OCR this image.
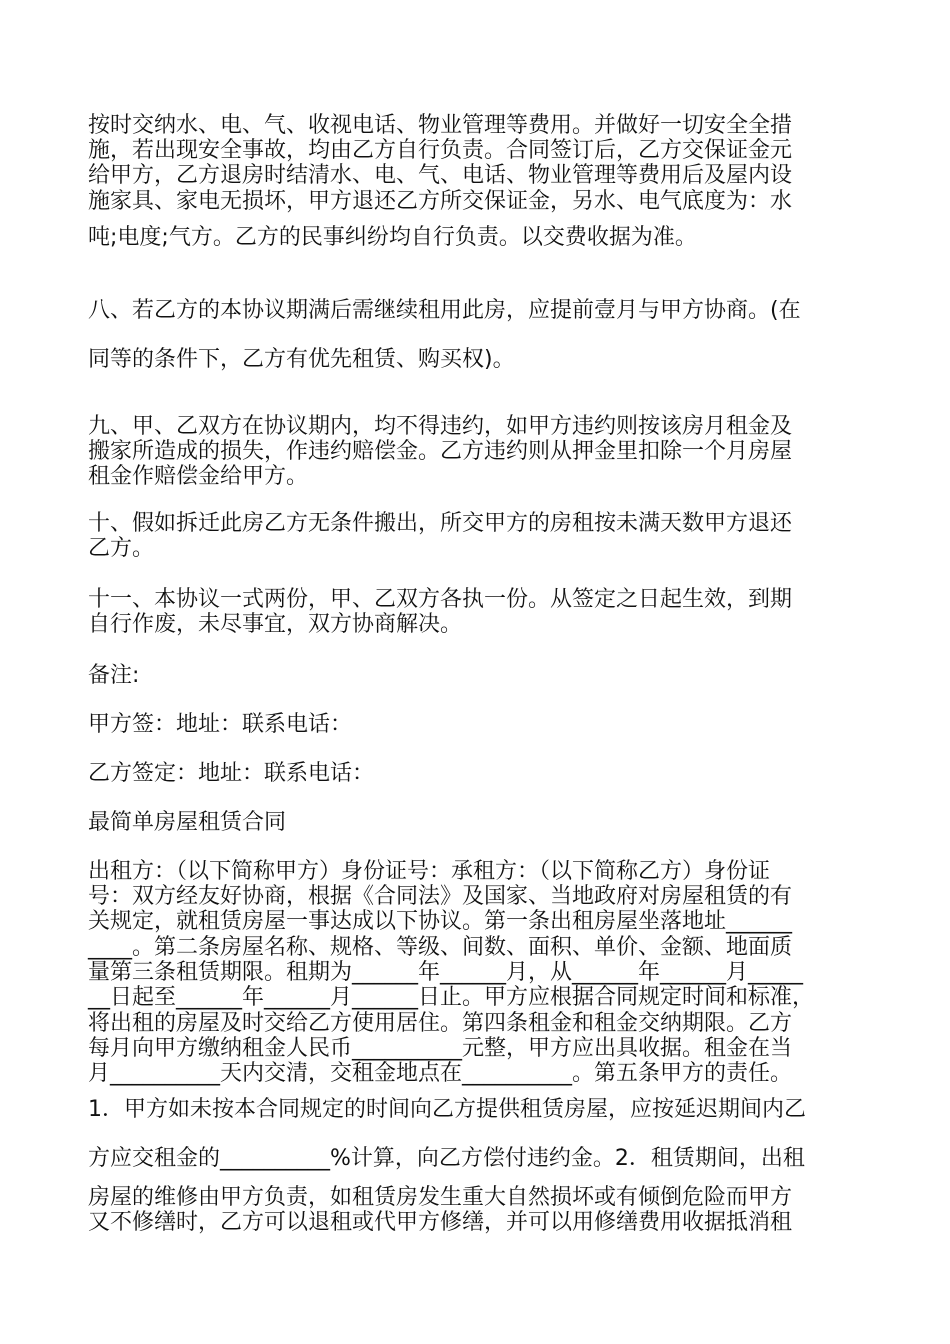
按时交纳水、电、气、收视电话、物业管理等费用。并做好一切安全全措
施，若出现安全事故，均由乙方自行负责。合同签订后，乙方交保证金元
给甲方，乙方退房时结清水、电、气、电话、物业管理等费用后及屋内设
施家具、家电无损坏，甲方退还乙方所交保证金，另水、电气底度为：水
吨;电度;气方。乙方的民事纠纷均自行负责。以交费收据为准。
八、若乙方的本协议期满后需继续租用此房，应提前壹月与甲方协商。(在
同等的条件下，乙方有优先租赁、购买权)。
九、甲、乙双方在协议期内，均不得违约，如甲方违约则按该房月租金及
搬家所造成的损失，作违约赔偿金。乙方违约则从押金里扣除一个月房屋
租金作赔偿金给甲方。
十、假如拆迁此房乙方无条件搬出，所交甲方的房租按未满天数甲方退还
乙方。
十一、本协议一式两份，甲、乙双方各执一份。从签定之日起生效，到期
自行作废，未尽事宜，双方协商解决。
备注:
甲方签：地址：联系电话：
乙方签定：地址：联系电话：
最简单房屋租赁合同
出租方：（以下简称甲方）身份证号：承租方：（以下简称乙方）身份证
号：双方经友好协商，根据《合同法》及国家、当地政府对房屋租赁的有
关规定，就租赁房屋一事达成以下协议。第一条出租房屋坐落地址______
____。第二条房屋名称、规格、等级、间数、面积、单价、金额、地面质
量第三条租赁期限。租期为______年______月，从______年______月_____
__日起至______年______月______日止。甲方应根据合同规定时间和标准，
将出租的房屋及时交给乙方使用居住。第四条租金和租金交纳期限。乙方
每月向甲方缴纳租金人民币__________元整，甲方应出具收据。租金在当
月__________天内交清，交租金地点在__________。第五条甲方的责任。
1．甲方如未按本合同规定的时间向乙方提供租赁房屋，应按延迟期间内乙
方应交租金的__________%计算，向乙方偿付违约金。2．租赁期间，出租
房屋的维修由甲方负责，如租赁房发生重大自然损坏或有倾倒危险而甲方
又不修缮时，乙方可以退租或代甲方修缮，并可以用修缮费用收据抵消租
